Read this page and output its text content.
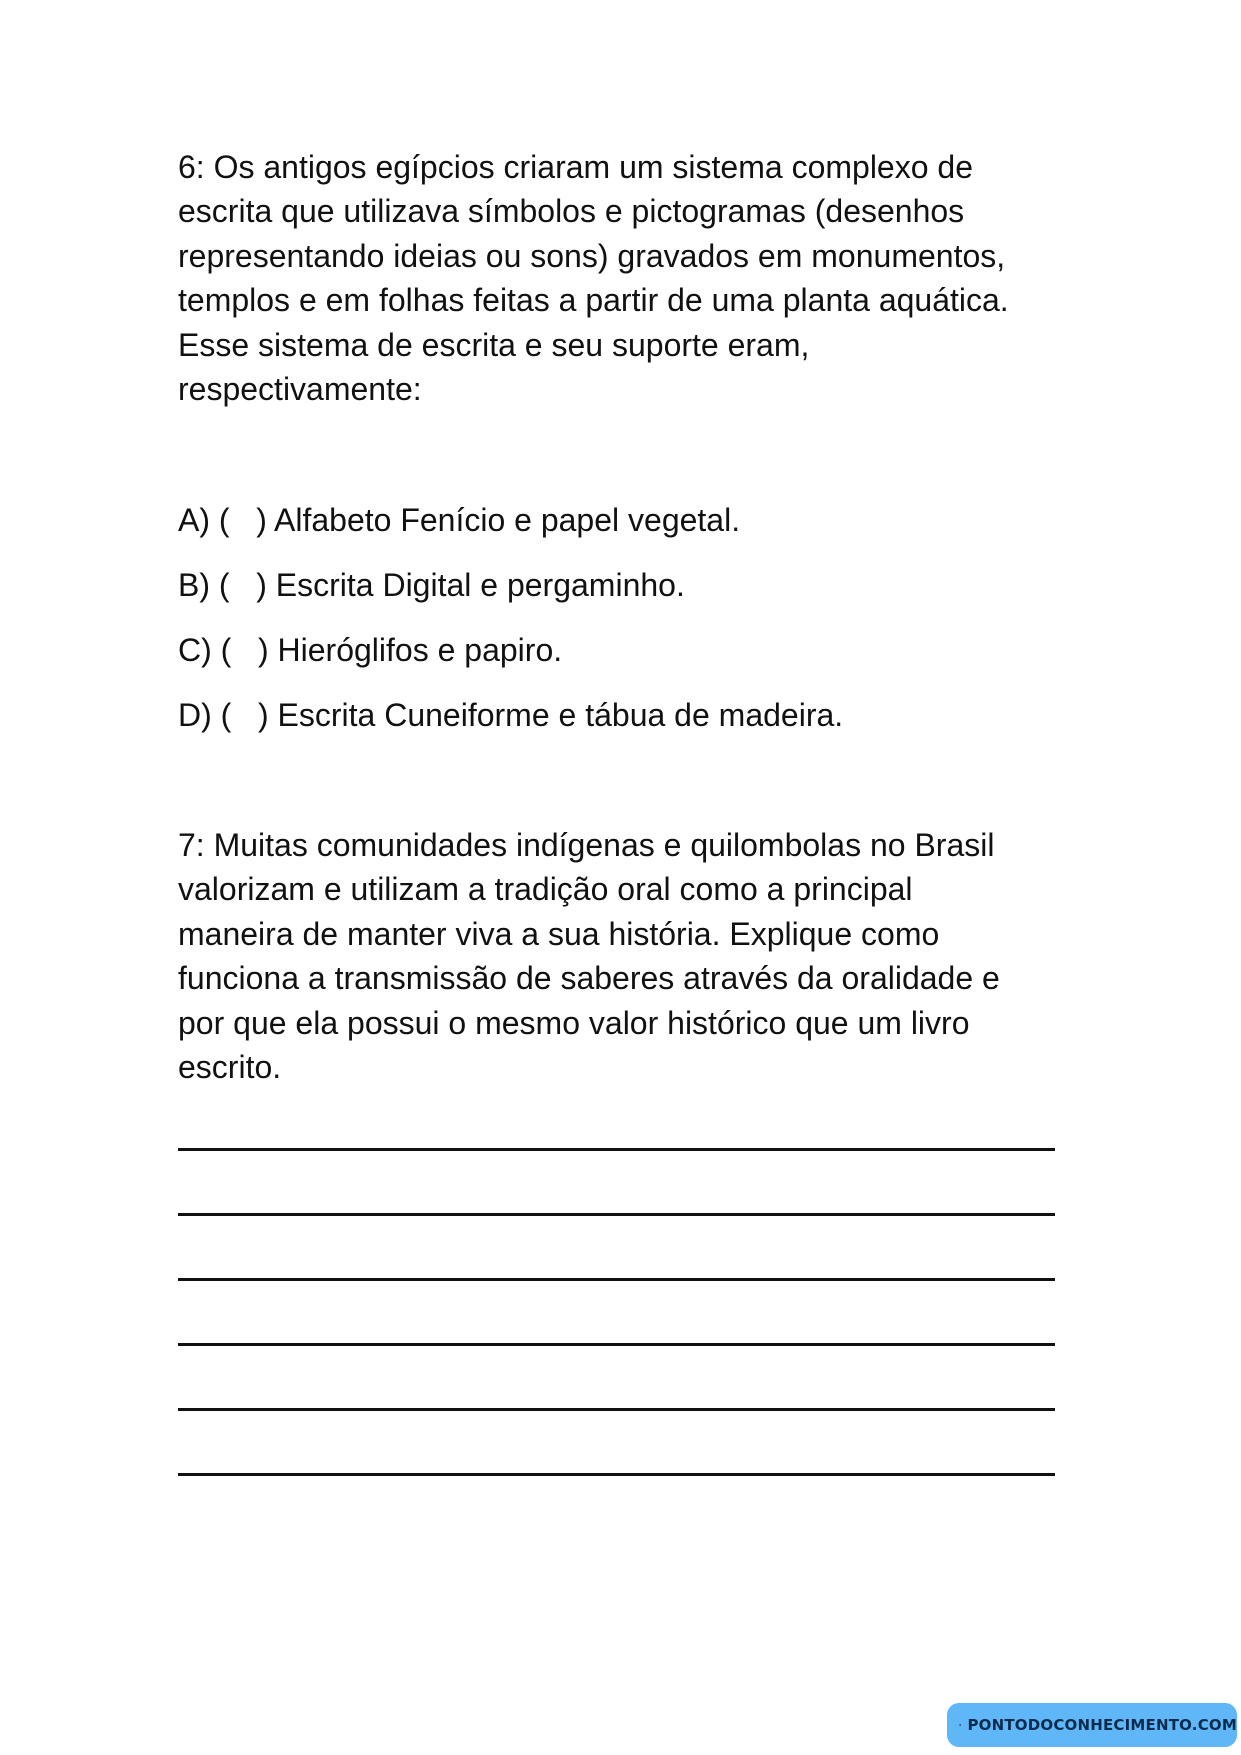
6: Os antigos egípcios criaram um sistema complexo de
escrita que utilizava símbolos e pictogramas (desenhos
representando ideias ou sons) gravados em monumentos,
templos e em folhas feitas a partir de uma planta aquática.
Esse sistema de escrita e seu suporte eram,
respectivamente:

A) (   ) Alfabeto Fenício e papel vegetal.
B) (   ) Escrita Digital e pergaminho.
C) (   ) Hieróglifos e papiro.
D) (   ) Escrita Cuneiforme e tábua de madeira.

7: Muitas comunidades indígenas e quilombolas no Brasil
valorizam e utilizam a tradição oral como a principal
maneira de manter viva a sua história. Explique como
funciona a transmissão de saberes através da oralidade e
por que ela possui o mesmo valor histórico que um livro
escrito.

PONTODOCONHECIMENTO.COM
